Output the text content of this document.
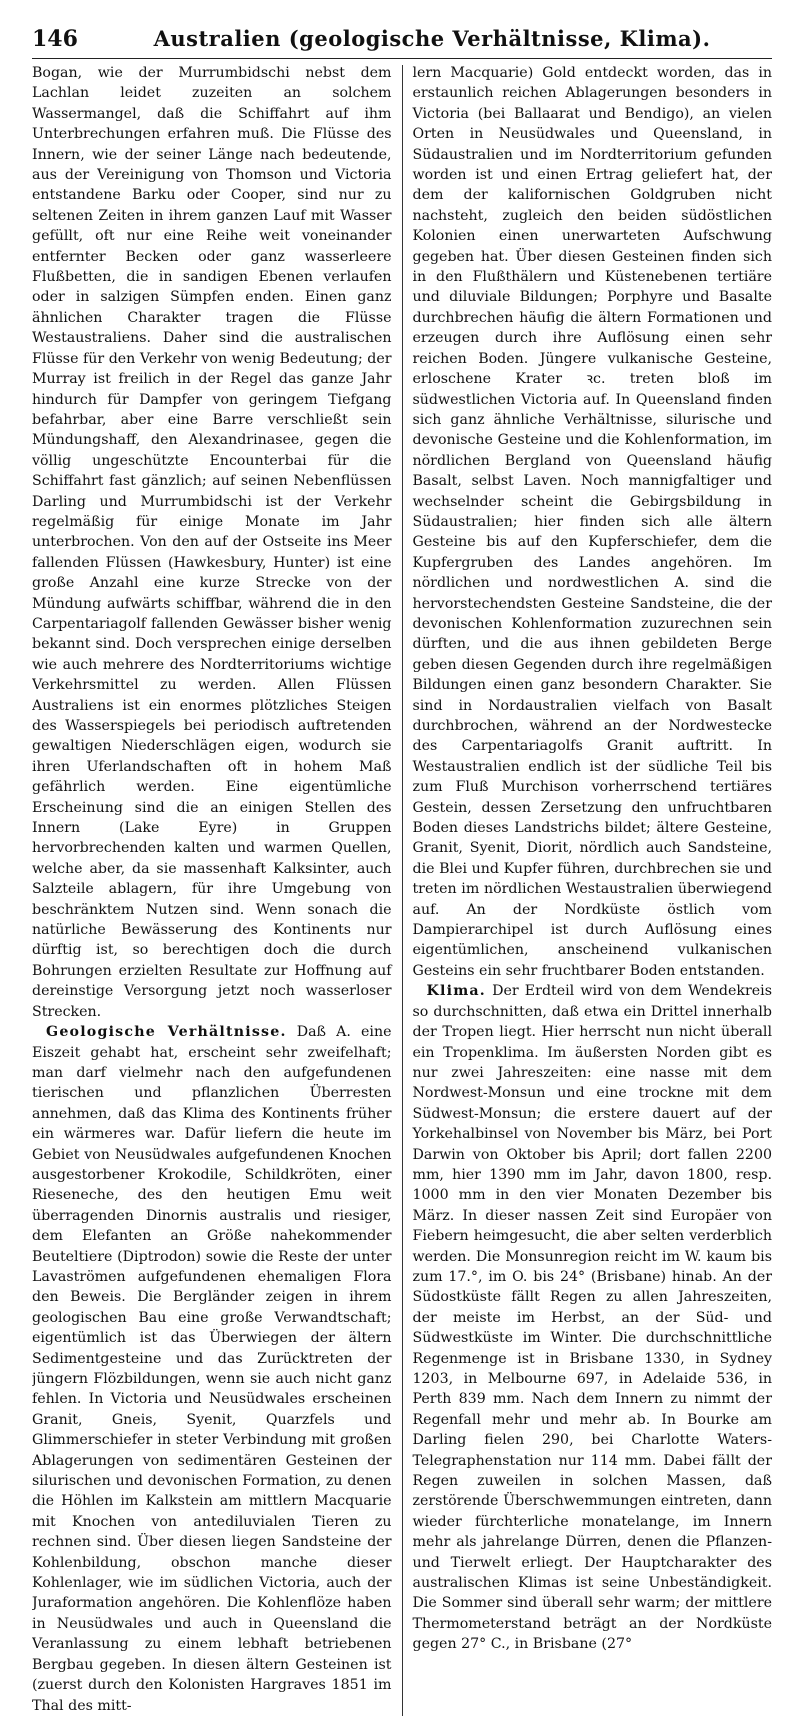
146	Australien (geologische Verhältnisse, Klima).

Bogan, wie der Murrumbidschi nebst dem Lachlan leidet zuzeiten an solchem Wassermangel, daß die Schiffahrt auf ihm Unterbrechungen erfahren muß. Die Flüsse des Innern, wie der seiner Länge nach bedeutende, aus der Vereinigung von Thomson und Victoria entstandene Barku oder Cooper, sind nur zu seltenen Zeiten in ihrem ganzen Lauf mit Wasser gefüllt, oft nur eine Reihe weit voneinander entfernter Becken oder ganz wasserleere Flußbetten, die in sandigen Ebenen verlaufen oder in salzigen Sümpfen enden. Einen ganz ähnlichen Charakter tragen die Flüsse Westaustraliens. Daher sind die australischen Flüsse für den Verkehr von wenig Bedeutung; der Murray ist freilich in der Regel das ganze Jahr hindurch für Dampfer von geringem Tiefgang befahrbar, aber eine Barre verschließt sein Mündungshaff, den Alexandrinasee, gegen die völlig ungeschützte Encounterbai für die Schiffahrt fast gänzlich; auf seinen Nebenflüssen Darling und Murrumbidschi ist der Verkehr regelmäßig für einige Monate im Jahr unterbrochen. Von den auf der Ostseite ins Meer fallenden Flüssen (Hawkesbury, Hunter) ist eine große Anzahl eine kurze Strecke von der Mündung aufwärts schiffbar, während die in den Carpentariagolf fallenden Gewässer bisher wenig bekannt sind. Doch versprechen einige derselben wie auch mehrere des Nordterritoriums wichtige Verkehrsmittel zu werden. Allen Flüssen Australiens ist ein enormes plötzliches Steigen des Wasserspiegels bei periodisch auftretenden gewaltigen Niederschlägen eigen, wodurch sie ihren Uferlandschaften oft in hohem Maß gefährlich werden. Eine eigentümliche Erscheinung sind die an einigen Stellen des Innern (Lake Eyre) in Gruppen hervorbrechenden kalten und warmen Quellen, welche aber, da sie massenhaft Kalksinter, auch Salzteile ablagern, für ihre Umgebung von beschränktem Nutzen sind. Wenn sonach die natürliche Bewässerung des Kontinents nur dürftig ist, so berechtigen doch die durch Bohrungen erzielten Resultate zur Hoffnung auf dereinstige Versorgung jetzt noch wasserloser Strecken.

Geologische Verhältnisse. Daß A. eine Eiszeit gehabt hat, erscheint sehr zweifelhaft; man darf vielmehr nach den aufgefundenen tierischen und pflanzlichen Überresten annehmen, daß das Klima des Kontinents früher ein wärmeres war. Dafür liefern die heute im Gebiet von Neusüdwales aufgefundenen Knochen ausgestorbener Krokodile, Schildkröten, einer Rieseneche, des den heutigen Emu weit überragenden Dinornis australis und riesiger, dem Elefanten an Größe nahekommender Beuteltiere (Diptrodon) sowie die Reste der unter Lavaströmen aufgefundenen ehemaligen Flora den Beweis. Die Bergländer zeigen in ihrem geologischen Bau eine große Verwandtschaft; eigentümlich ist das Überwiegen der ältern Sedimentgesteine und das Zurücktreten der jüngern Flözbildungen, wenn sie auch nicht ganz fehlen. In Victoria und Neusüdwales erscheinen Granit, Gneis, Syenit, Quarzfels und Glimmerschiefer in steter Verbindung mit großen Ablagerungen von sedimentären Gesteinen der silurischen und devonischen Formation, zu denen die Höhlen im Kalkstein am mittlern Macquarie mit Knochen von antediluvialen Tieren zu rechnen sind. Über diesen liegen Sandsteine der Kohlenbildung, obschon manche dieser Kohlenlager, wie im südlichen Victoria, auch der Juraformation angehören. Die Kohlenflöze haben in Neusüdwales und auch in Queensland die Veranlassung zu einem lebhaft betriebenen Bergbau gegeben. In diesen ältern Gesteinen ist (zuerst durch den Kolonisten Hargraves 1851 im Thal des mitt-

lern Macquarie) Gold entdeckt worden, das in erstaunlich reichen Ablagerungen besonders in Victoria (bei Ballaarat und Bendigo), an vielen Orten in Neusüdwales und Queensland, in Südaustralien und im Nordterritorium gefunden worden ist und einen Ertrag geliefert hat, der dem der kalifornischen Goldgruben nicht nachsteht, zugleich den beiden südöstlichen Kolonien einen unerwarteten Aufschwung gegeben hat. Über diesen Gesteinen finden sich in den Flußthälern und Küstenebenen tertiäre und diluviale Bildungen; Porphyre und Basalte durchbrechen häufig die ältern Formationen und erzeugen durch ihre Auflösung einen sehr reichen Boden. Jüngere vulkanische Gesteine, erloschene Krater ꝛc. treten bloß im südwestlichen Victoria auf. In Queensland finden sich ganz ähnliche Verhältnisse, silurische und devonische Gesteine und die Kohlenformation, im nördlichen Bergland von Queensland häufig Basalt, selbst Laven. Noch mannigfaltiger und wechselnder scheint die Gebirgsbildung in Südaustralien; hier finden sich alle ältern Gesteine bis auf den Kupferschiefer, dem die Kupfergruben des Landes angehören. Im nördlichen und nordwestlichen A. sind die hervorstechendsten Gesteine Sandsteine, die der devonischen Kohlenformation zuzurechnen sein dürften, und die aus ihnen gebildeten Berge geben diesen Gegenden durch ihre regelmäßigen Bildungen einen ganz besondern Charakter. Sie sind in Nordaustralien vielfach von Basalt durchbrochen, während an der Nordwestecke des Carpentariagolfs Granit auftritt. In Westaustralien endlich ist der südliche Teil bis zum Fluß Murchison vorherrschend tertiäres Gestein, dessen Zersetzung den unfruchtbaren Boden dieses Landstrichs bildet; ältere Gesteine, Granit, Syenit, Diorit, nördlich auch Sandsteine, die Blei und Kupfer führen, durchbrechen sie und treten im nördlichen Westaustralien überwiegend auf. An der Nordküste östlich vom Dampierarchipel ist durch Auflösung eines eigentümlichen, anscheinend vulkanischen Gesteins ein sehr fruchtbarer Boden entstanden.

Klima. Der Erdteil wird von dem Wendekreis so durchschnitten, daß etwa ein Drittel innerhalb der Tropen liegt. Hier herrscht nun nicht überall ein Tropenklima. Im äußersten Norden gibt es nur zwei Jahreszeiten: eine nasse mit dem Nordwest-Monsun und eine trockne mit dem Südwest-Monsun; die erstere dauert auf der Yorkehalbinsel von November bis März, bei Port Darwin von Oktober bis April; dort fallen 2200 mm, hier 1390 mm im Jahr, davon 1800, resp. 1000 mm in den vier Monaten Dezember bis März. In dieser nassen Zeit sind Europäer von Fiebern heimgesucht, die aber selten verderblich werden. Die Monsunregion reicht im W. kaum bis zum 17.°, im O. bis 24° (Brisbane) hinab. An der Südostküste fällt Regen zu allen Jahreszeiten, der meiste im Herbst, an der Süd- und Südwestküste im Winter. Die durchschnittliche Regenmenge ist in Brisbane 1330, in Sydney 1203, in Melbourne 697, in Adelaide 536, in Perth 839 mm. Nach dem Innern zu nimmt der Regenfall mehr und mehr ab. In Bourke am Darling fielen 290, bei Charlotte Waters-Telegraphenstation nur 114 mm. Dabei fällt der Regen zuweilen in solchen Massen, daß zerstörende Überschwemmungen eintreten, dann wieder fürchterliche monatelange, im Innern mehr als jahrelange Dürren, denen die Pflanzen- und Tierwelt erliegt. Der Hauptcharakter des australischen Klimas ist seine Unbeständigkeit. Die Sommer sind überall sehr warm; der mittlere Thermometerstand beträgt an der Nordküste gegen 27° C., in Brisbane (27°
